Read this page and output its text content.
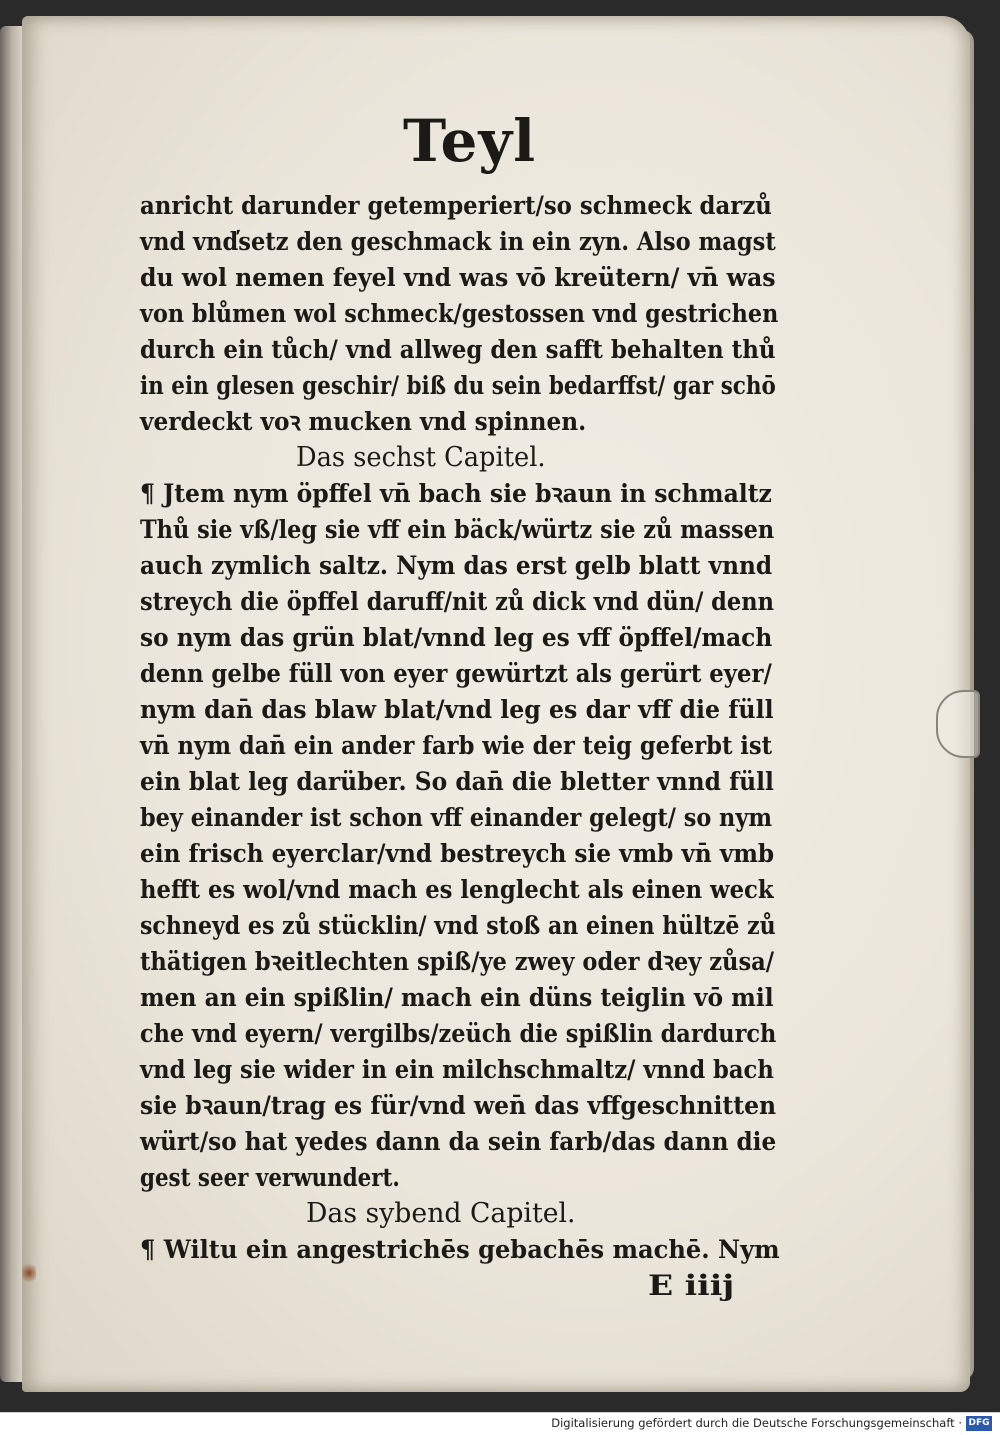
Teyl
anricht darunder getemperiert/so schmeck darzů
vnd vnd̕setz den geschmack in ein zyn. Also magst
du wol nemen feyel vnd was vō kreütern/ vn̄ was
von blůmen wol schmeck/gestossen vnd gestrichen
durch ein tůch/ vnd allweg den safft behalten thů
in ein glesen geschir/ biß du sein bedarffst/ gar schō
verdeckt voꝛ mucken vnd spinnen.
Das sechst Capitel.
¶ Jtem nym öpffel vn̄ bach sie bꝛaun in schmaltz
Thů sie vß/leg sie vff ein bäck/würtz sie zů massen
auch zymlich saltz. Nym das erst gelb blatt vnnd
streych die öpffel daruff/nit zů dick vnd dün/ denn
so nym das grün blat/vnnd leg es vff öpffel/mach
denn gelbe füll von eyer gewürtzt als gerürt eyer/
nym dan̄ das blaw blat/vnd leg es dar vff die füll
vn̄ nym dan̄ ein ander farb wie der teig geferbt ist
ein blat leg darüber. So dan̄ die bletter vnnd füll
bey einander ist schon vff einander gelegt/ so nym
ein frisch eyerclar/vnd bestreych sie vmb vn̄ vmb
hefft es wol/vnd mach es lenglecht als einen weck
schneyd es zů stücklin/ vnd stoß an einen hültzē zů
thätigen bꝛeitlechten spiß/ye zwey oder dꝛey zůsa/
men an ein spißlin/ mach ein düns teiglin vō mil
che vnd eyern/ vergilbs/zeüch die spißlin dardurch
vnd leg sie wider in ein milchschmaltz/ vnnd bach
sie bꝛaun/trag es für/vnd wen̄ das vffgeschnitten
würt/so hat yedes dann da sein farb/das dann die
gest seer verwundert.
Das sybend Capitel.
¶ Wiltu ein angestrichēs gebachēs machē. Nym
E iiij
Digitalisierung gefördert durch die Deutsche Forschungsgemeinschaft · DFG
